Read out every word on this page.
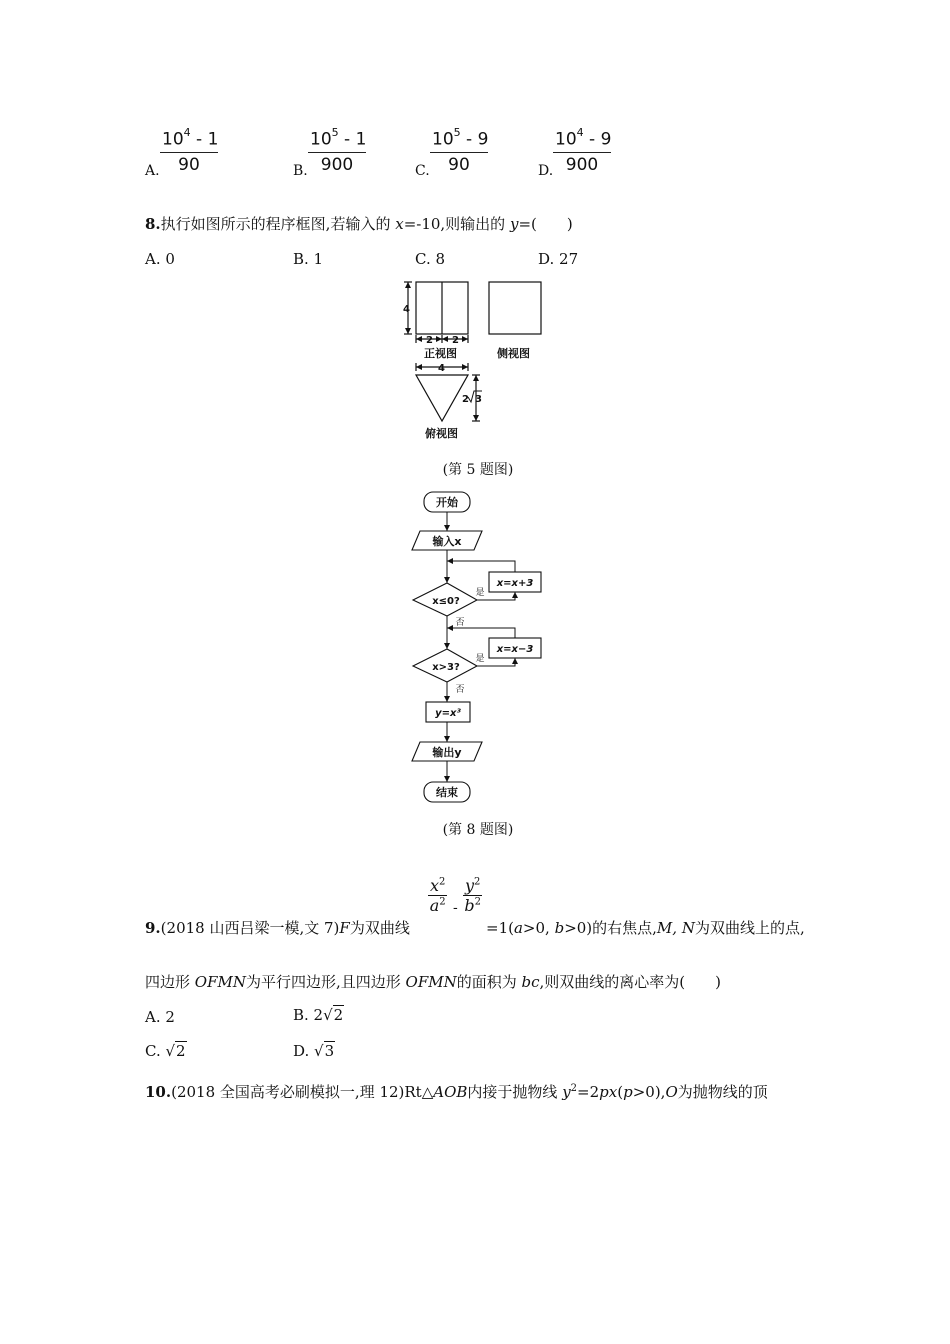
A. $\frac{10^4 - 1}{90}$	B. $\frac{10^5 - 1}{900}$	C. $\frac{10^5 - 9}{90}$	D. $\frac{10^4 - 9}{900}$
8.执行如图所示的程序框图,若输入的 x=-10,则输出的 y=(　　)
A. 0	B. 1	C. 8	D. 27
4
2 2
正视图	侧视图
4
2 3
俯视图
(第 5 题图)
开始
输入x
x≤0?
x=x+3
是
否
x>3?
x=x−3
是
否
y=x³
输出y
结束
(第 8 题图)
$x^2$
$a^2$ -
$y^2$
$b^2$
9.(2018 山西吕梁一模,文 7)F为双曲线	=1(a>0, b>0)的右焦点,M, N为双曲线上的点,
四边形 OFMN为平行四边形,且四边形 OFMN的面积为 bc,则双曲线的离心率为(　　)
A. 2	B. 2√2
C. √2	D. √3
10.(2018 全国高考必刷模拟一,理 12)Rt△AOB内接于抛物线 $y^2=2px(p>0),O$为抛物线的顶
